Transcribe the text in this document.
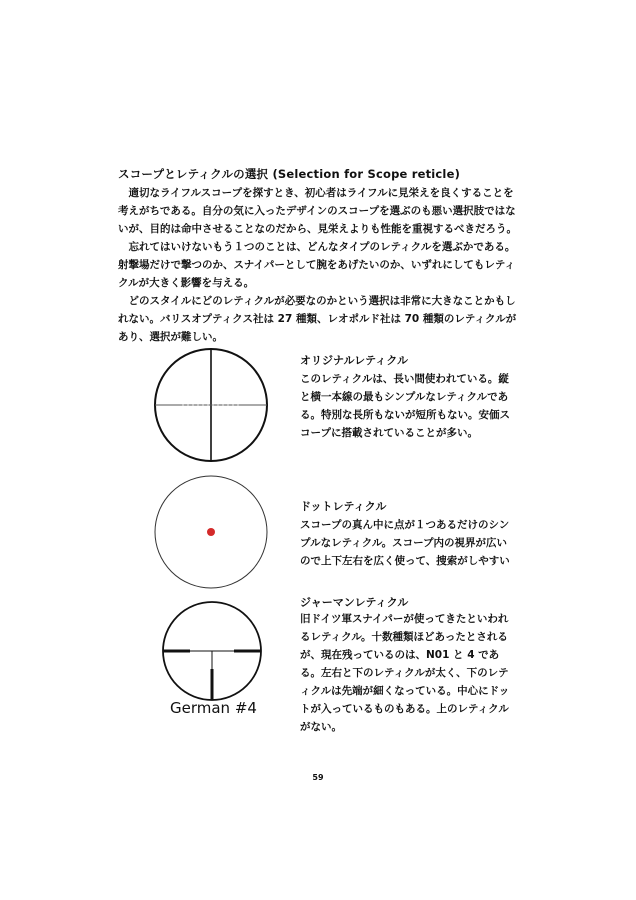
スコープとレティクルの選択 (Selection for Scope reticle)

適切なライフルスコープを探すとき、初心者はライフルに見栄えを良くすることを考えがちである。自分の気に入ったデザインのスコープを選ぶのも悪い選択肢ではないが、目的は命中させることなのだから、見栄えよりも性能を重視するべきだろう。

忘れてはいけないもう１つのことは、どんなタイプのレティクルを選ぶかである。射撃場だけで撃つのか、スナイパーとして腕をあげたいのか、いずれにしてもレティクルが大きく影響を与える。

どのスタイルにどのレティクルが必要なのかという選択は非常に大きなことかもしれない。バリスオプティクス社は 27 種類、レオポルド社は 70 種類のレティクルがあり、選択が難しい。

オリジナルレティクル
このレティクルは、長い間使われている。縦と横一本線の最もシンプルなレティクルである。特別な長所もないが短所もない。安価スコープに搭載されていることが多い。
ドットレティクル
スコープの真ん中に点が１つあるだけのシンプルなレティクル。スコープ内の視界が広いので上下左右を広く使って、捜索がしやすい
German #4
ジャーマンレティクル
旧ドイツ軍スナイパーが使ってきたといわれるレティクル。十数種類ほどあったとされるが、現在残っているのは、N01 と 4 である。左右と下のレティクルが太く、下のレティクルは先端が細くなっている。中心にドットが入っているものもある。上のレティクルがない。
59
